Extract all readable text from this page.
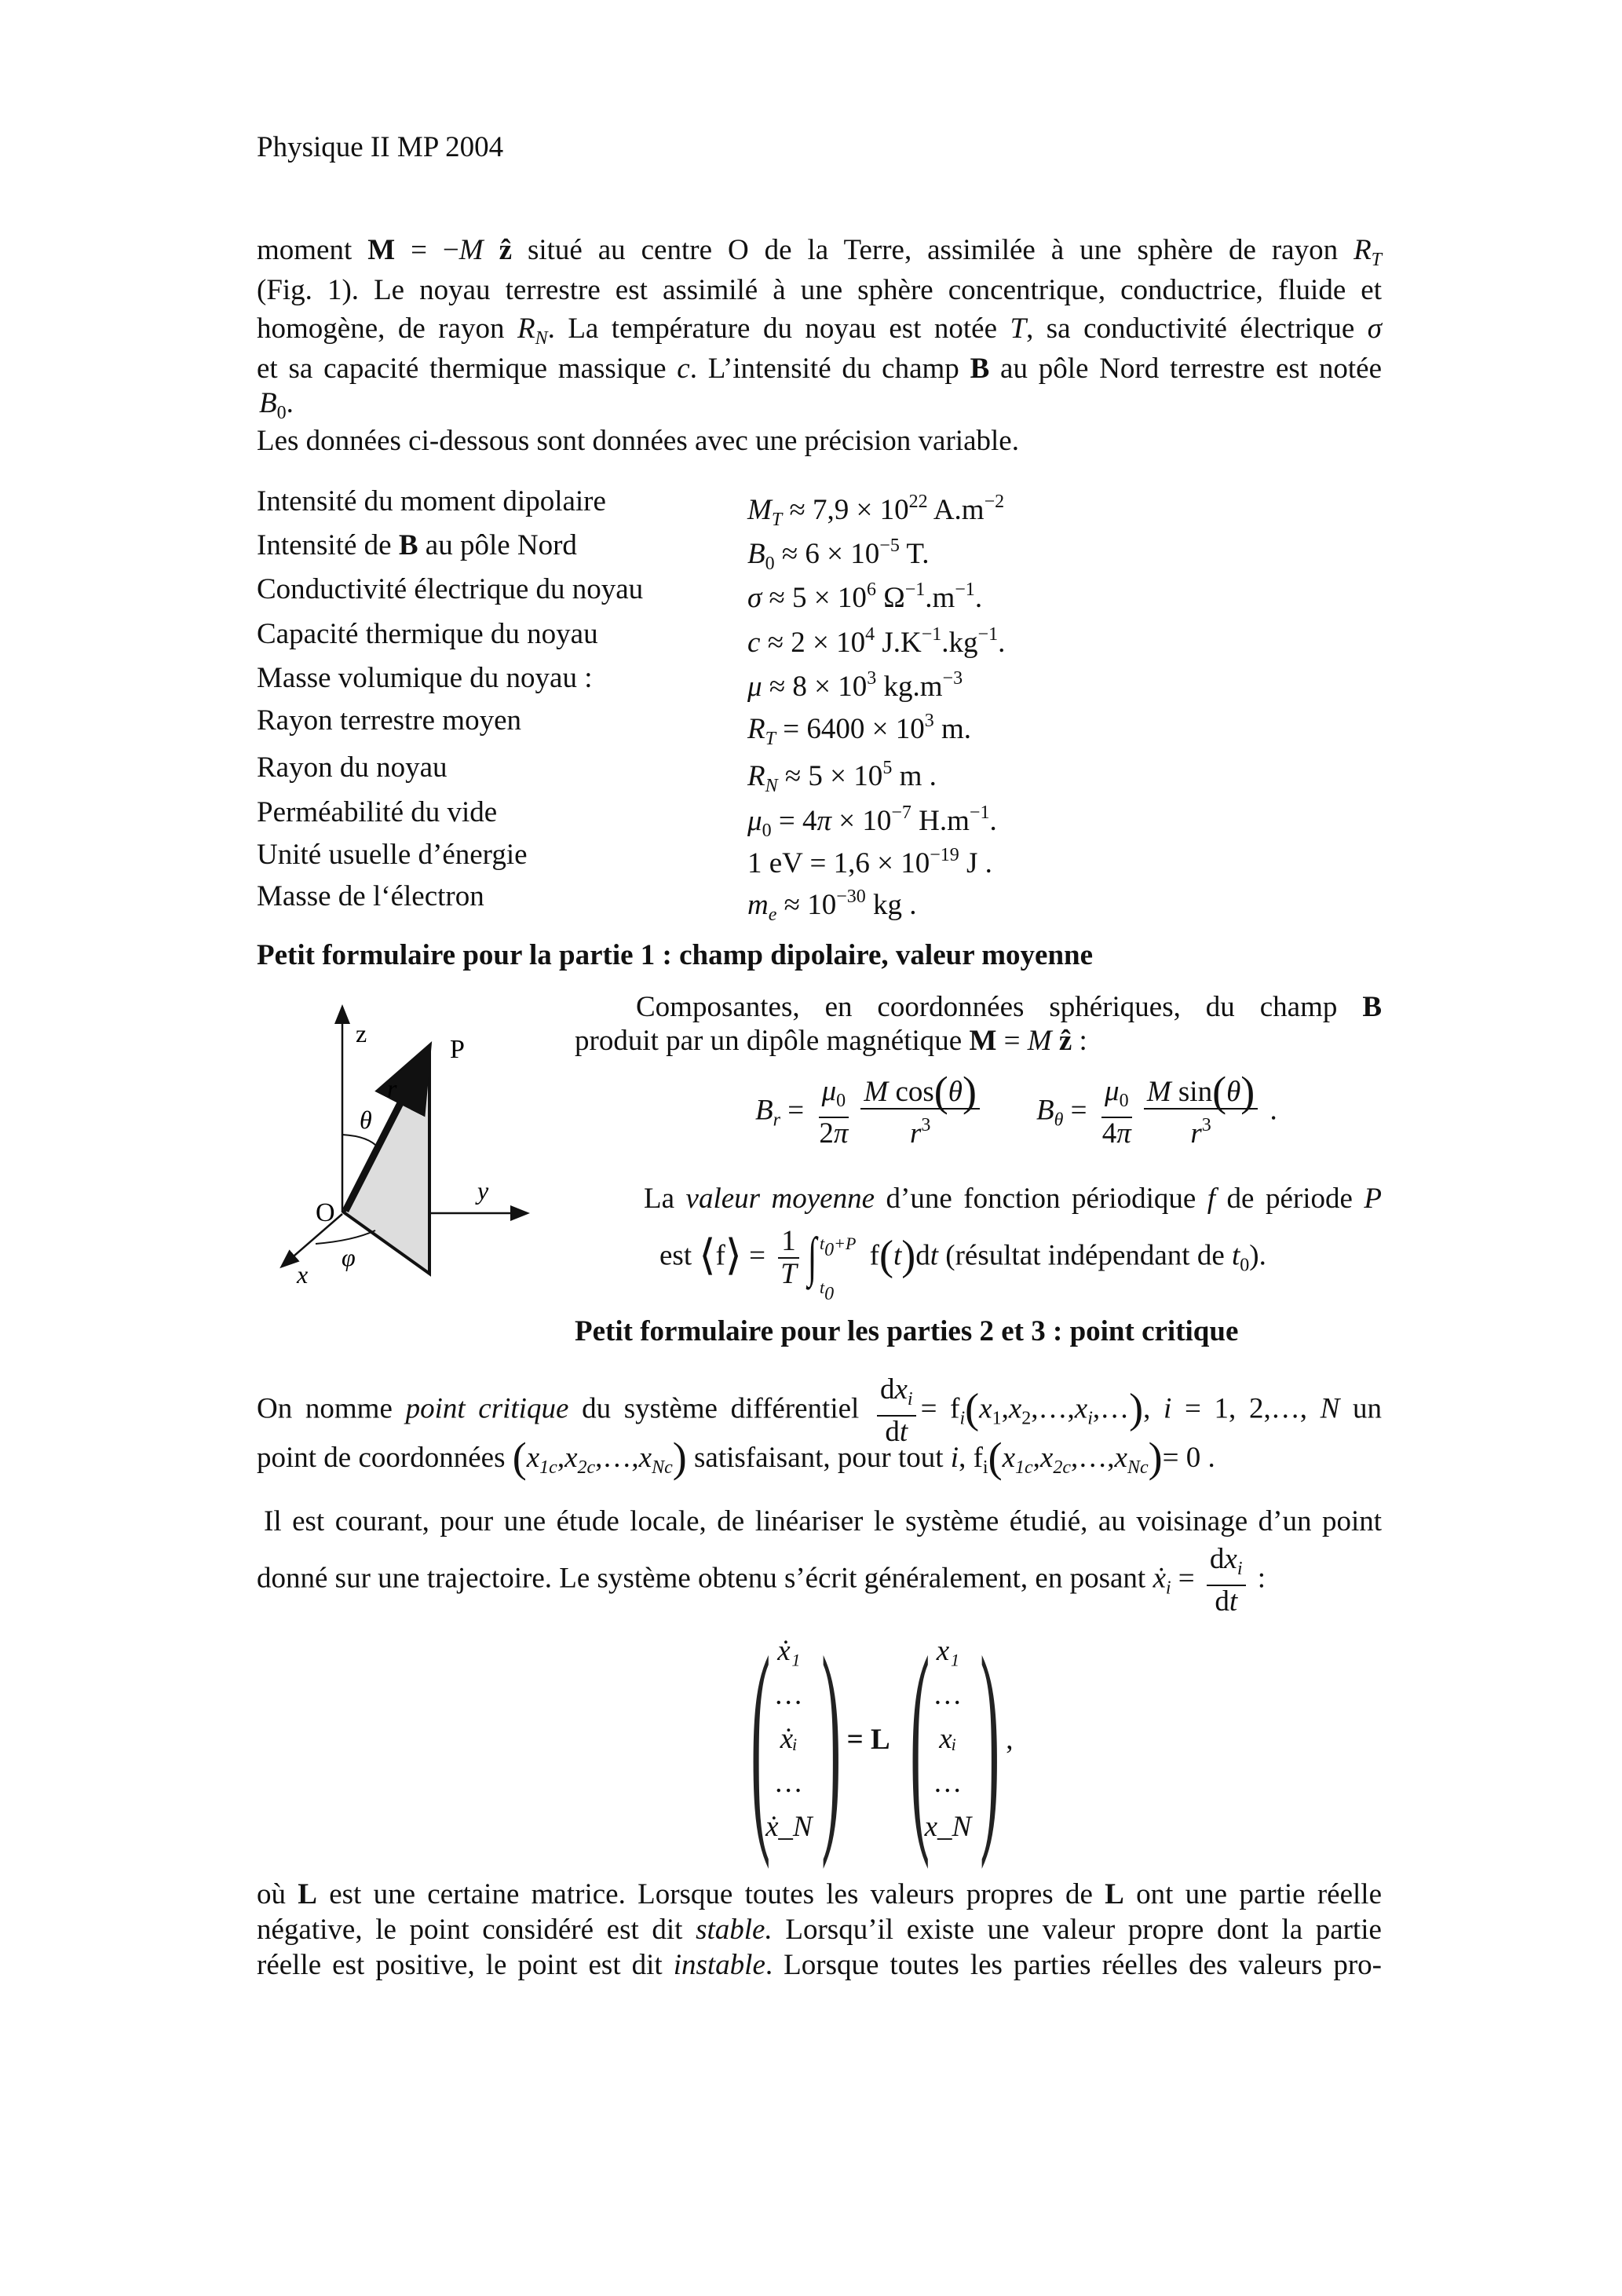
Physique II MP 2004
moment M = −M ẑ situé au centre O de la Terre, assimilée à une sphère de rayon $R_T$
(Fig. 1). Le noyau terrestre est assimilé à une sphère concentrique, conductrice, fluide et
homogène, de rayon $R_N$. La température du noyau est notée T, sa conductivité électrique σ
et sa capacité thermique massique c. L’intensité du champ B au pôle Nord terrestre est notée
$B_0$.
Les données ci-dessous sont données avec une précision variable.
Intensité du moment dipolaire	$M_T \approx 7,9 \times 10^{22}$ $A.m^{-2}$
Intensité de B au pôle Nord	$B_0 \approx 6 \times 10^{-5}$ T.
Conductivité électrique du noyau	$\sigma \approx 5 \times 10^6$ $\Omega^{-1}.m^{-1}$.
Capacité thermique du noyau	$c \approx 2 \times 10^4$ $J.K^{-1}.kg^{-1}$.
Masse volumique du noyau :	$\mu \approx 8 \times 10^3$ $kg.m^{-3}$
Rayon terrestre moyen	$R_T = 6400 \times 10^3$ m.
Rayon du noyau	$R_N \approx 5 \times 10^5$ m .
Perméabilité du vide	$\mu_0 = 4\pi \times 10^{-7}$ $H.m^{-1}$.
Unité usuelle d’énergie	1 eV = $1,6 \times 10^{-19}$ J .
Masse de l‘électron	$m_e \approx 10^{-30}$ kg .
Petit formulaire pour la partie 1 : champ dipolaire, valeur moyenne
z
P
r
θ
y
O
φ
x
Composantes, en coordonnées sphériques, du champ B
produit par un dipôle magnétique M = M ẑ :
$B_r = \frac{\mu_0}{2\pi} \frac{\text{M cos(θ)}}{r^3} B_\theta = \frac{\mu_0}{4\pi} \frac{\text{M sin(θ)}}{r^3}$ .
La valeur moyenne d’une fonction périodique f de période P
est ⟨f⟩ = $\frac{1}{T}$ ∫ t0+P
t0
f(t)dt (résultat indépendant de $t_0$).
Petit formulaire pour les parties 2 et 3 : point critique
On nomme point critique du système différentiel $\frac{dx_i}{dt}$ = $f_i(x_1,x_2,\dots,x_i,\dots)$, i = 1, 2,…, N un
point de coordonnées $(x_{1c},x_{2c},\dots,x_{Nc})$ satisfaisant, pour tout i, $f_i(x_{1c},x_{2c},\dots,x_{Nc})= 0$ .
Il est courant, pour une étude locale, de linéariser le système étudié, au voisinage d’un point
donné sur une trajectoire. Le système obtenu s’écrit généralement, en posant ẋ$_i$ = $\frac{dx_i}{dt}$ :
( ẋ₁
…
ẋᵢ
…
ẋ_N ) = L ( x₁
…
xᵢ
…
x_N ) ,
où L est une certaine matrice. Lorsque toutes les valeurs propres de L ont une partie réelle
négative, le point considéré est dit stable. Lorsqu’il existe une valeur propre dont la partie
réelle est positive, le point est dit instable. Lorsque toutes les parties réelles des valeurs pro-
